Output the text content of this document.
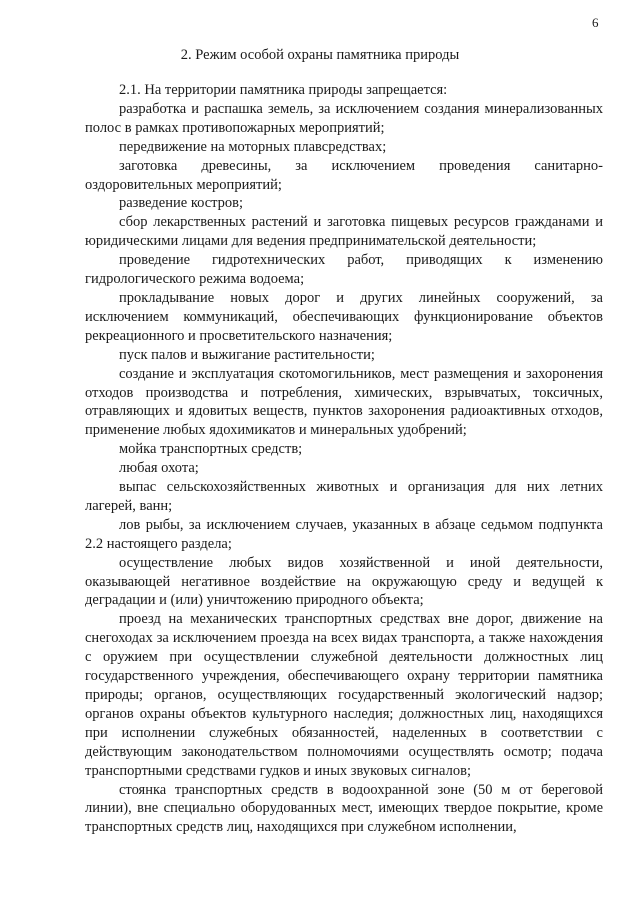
6
2. Режим особой охраны памятника природы

2.1. На территории памятника природы запрещается:

разработка и распашка земель, за исключением создания минерализованных полос в рамках противопожарных мероприятий;

передвижение на моторных плавсредствах;

заготовка древесины, за исключением проведения санитарно-оздоровительных мероприятий;

разведение костров;

сбор лекарственных растений и заготовка пищевых ресурсов гражданами и юридическими лицами для ведения предпринимательской деятельности;

проведение гидротехнических работ, приводящих к изменению гидрологического режима водоема;

прокладывание новых дорог и других линейных сооружений, за исключением коммуникаций, обеспечивающих функционирование объектов рекреационного и просветительского назначения;

пуск палов и выжигание растительности;

создание и эксплуатация скотомогильников, мест размещения и захоронения отходов производства и потребления, химических, взрывчатых, токсичных, отравляющих и ядовитых веществ, пунктов захоронения радиоактивных отходов, применение любых ядохимикатов и минеральных удобрений;

мойка транспортных средств;

любая охота;

выпас сельскохозяйственных животных и организация для них летних лагерей, ванн;

лов рыбы, за исключением случаев, указанных в абзаце седьмом подпункта 2.2 настоящего раздела;

осуществление любых видов хозяйственной и иной деятельности, оказывающей негативное воздействие на окружающую среду и ведущей к деградации и (или) уничтожению природного объекта;

проезд на механических транспортных средствах вне дорог, движение на снегоходах за исключением проезда на всех видах транспорта, а также нахождения с оружием при осуществлении служебной деятельности должностных лиц государственного учреждения, обеспечивающего охрану территории памятника природы; органов, осуществляющих государственный экологический надзор; органов охраны объектов культурного наследия; должностных лиц, находящихся при исполнении служебных обязанностей, наделенных в соответствии с действующим законодательством полномочиями осуществлять осмотр; подача транспортными средствами гудков и иных звуковых сигналов;

стоянка транспортных средств в водоохранной зоне (50 м от береговой линии), вне специально оборудованных мест, имеющих твердое покрытие, кроме транспортных средств лиц, находящихся при служебном исполнении,
